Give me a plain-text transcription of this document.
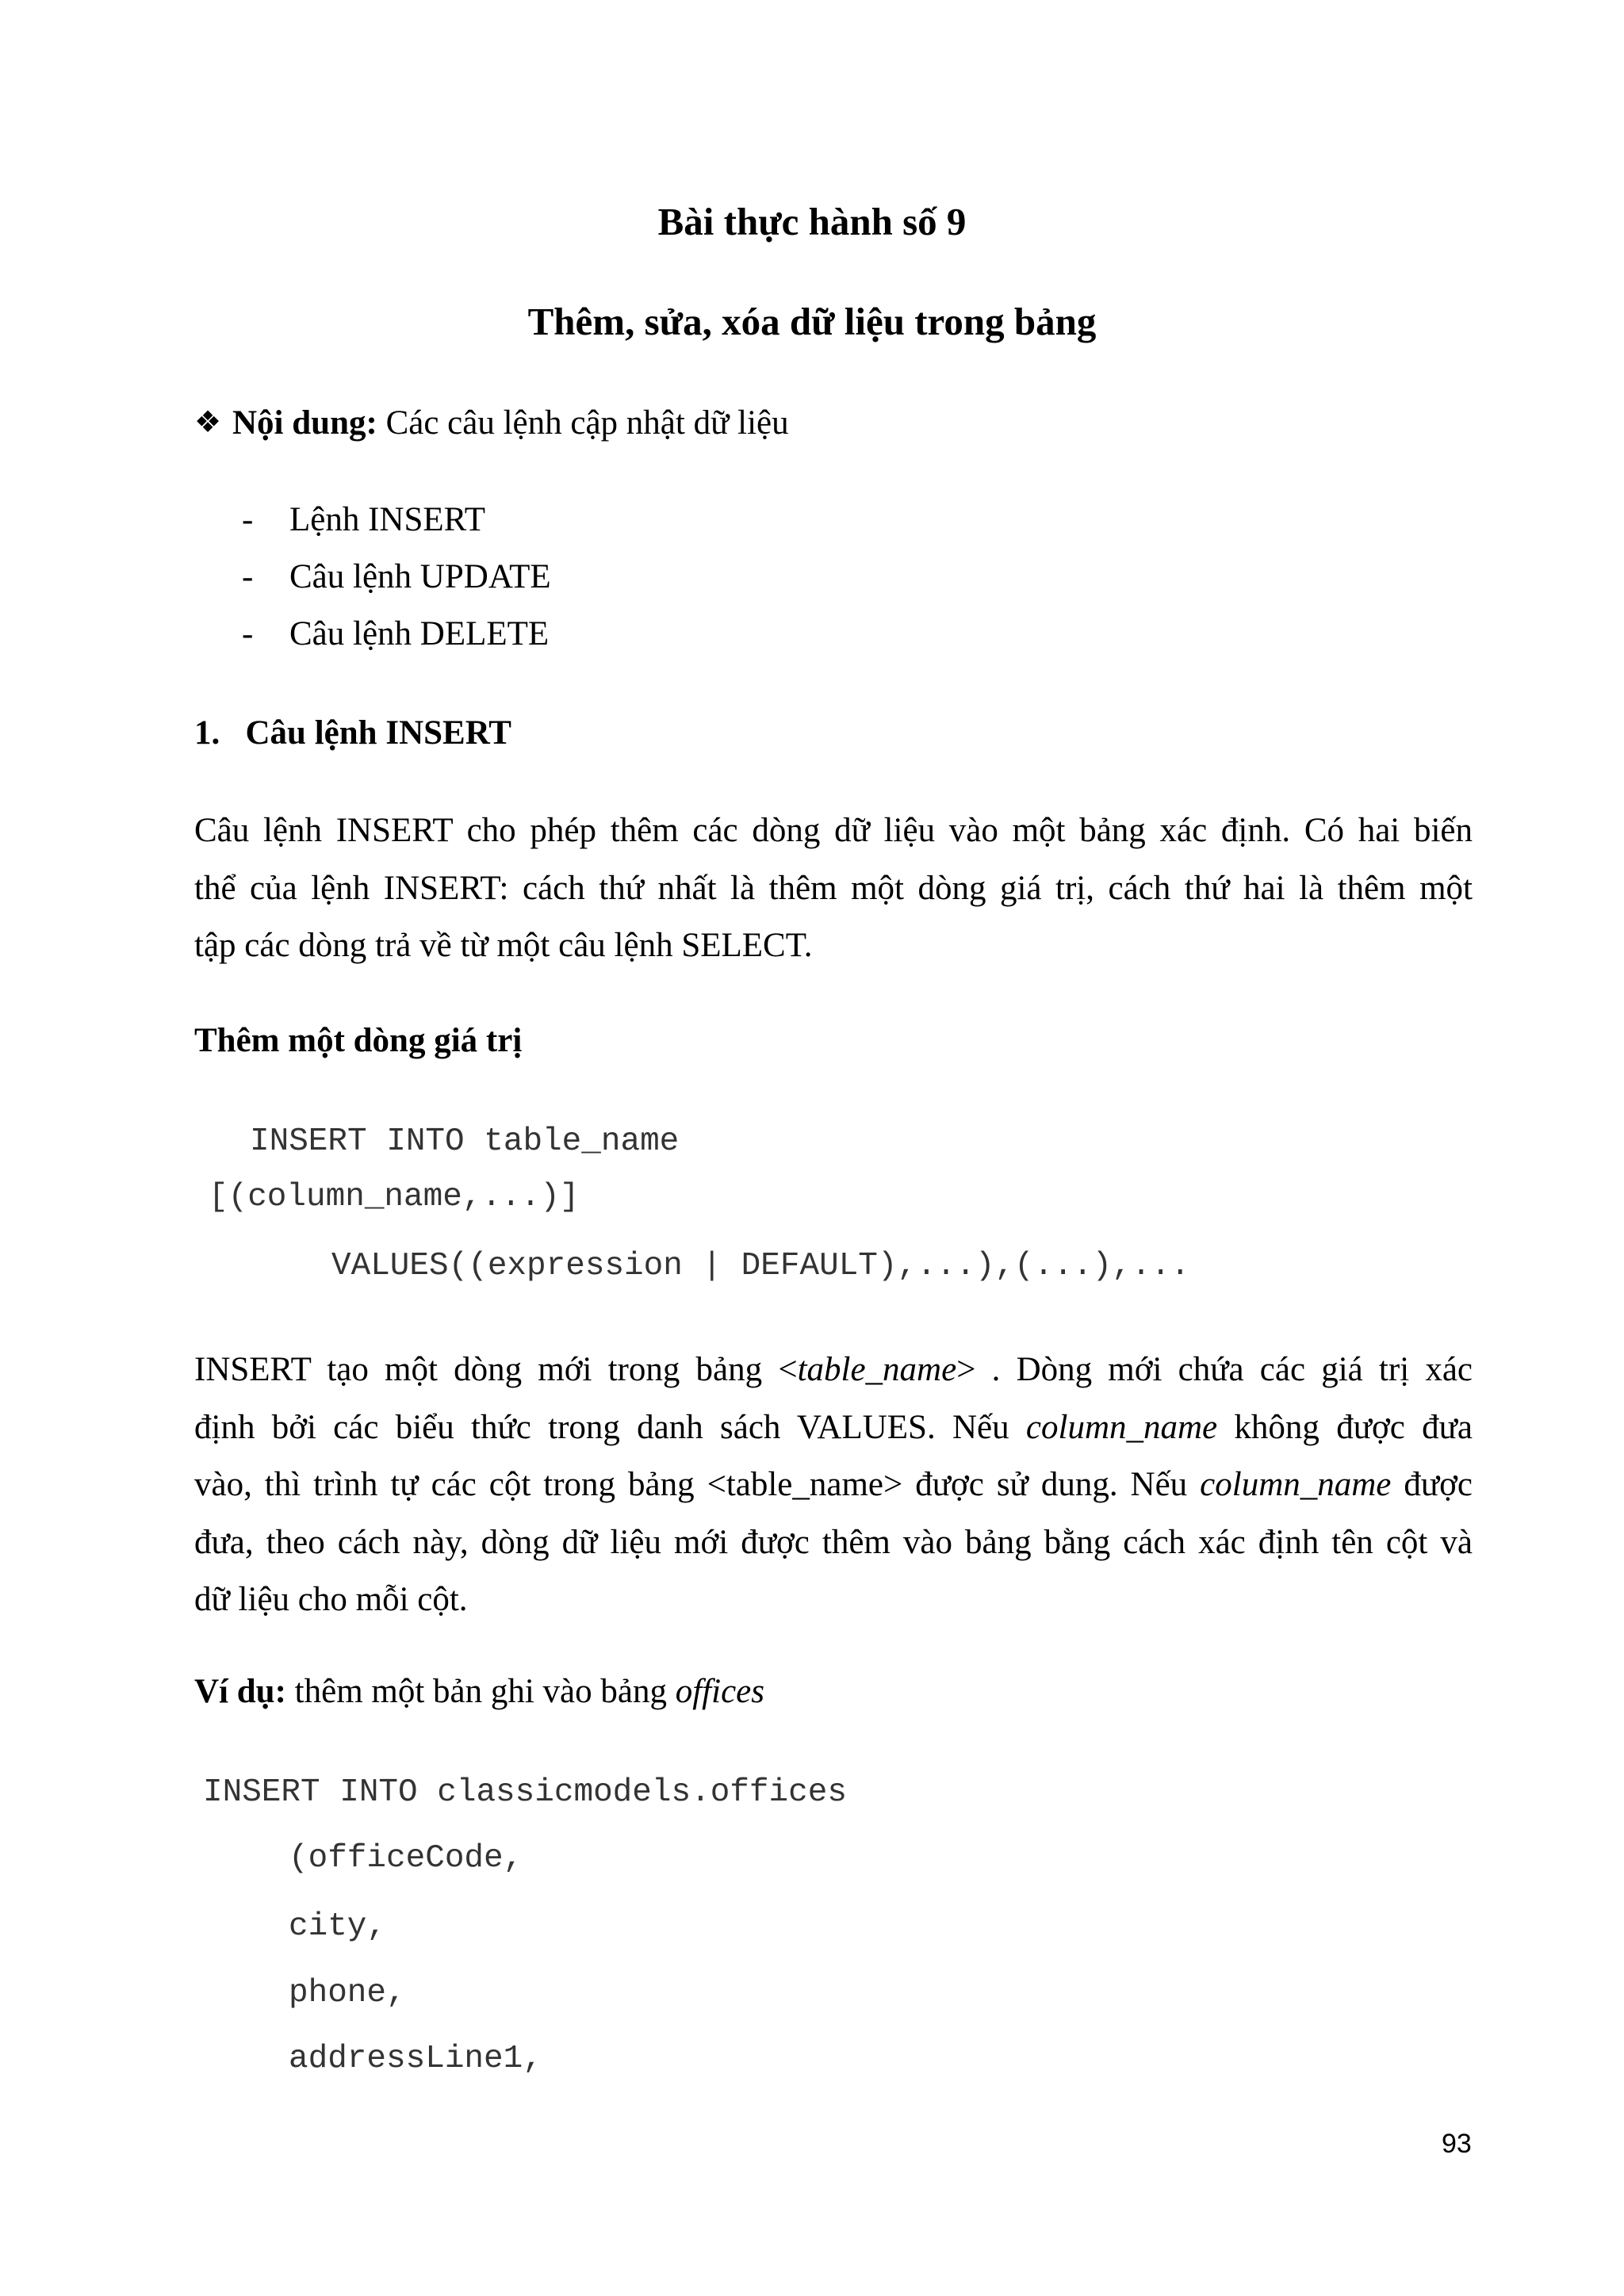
Bài thực hành số 9
Thêm, sửa, xóa dữ liệu trong bảng
❖ Nội dung: Các câu lệnh cập nhật dữ liệu
- Lệnh INSERT
- Câu lệnh UPDATE
- Câu lệnh DELETE
1.   Câu lệnh INSERT
Câu lệnh INSERT cho phép thêm các dòng dữ liệu vào một bảng xác định. Có hai biến
thể của lệnh INSERT: cách thứ nhất là thêm một dòng giá trị, cách thứ hai là thêm một
tập các dòng trả về từ một câu lệnh SELECT.
Thêm một dòng giá trị
INSERT INTO table_name
[(column_name,...)]
VALUES((expression | DEFAULT),...),(...),...
INSERT tạo một dòng mới trong bảng <table_name> . Dòng mới chứa các giá trị xác
định bởi các biểu thức trong danh sách VALUES. Nếu column_name không được đưa
vào, thì trình tự các cột trong bảng <table_name> được sử dung. Nếu column_name được
đưa, theo cách này, dòng dữ liệu mới được thêm vào bảng bằng cách xác định tên cột và
dữ liệu cho mỗi cột.
Ví dụ: thêm một bản ghi vào bảng offices
INSERT INTO classicmodels.offices
(officeCode,
city,
phone,
addressLine1,
93
